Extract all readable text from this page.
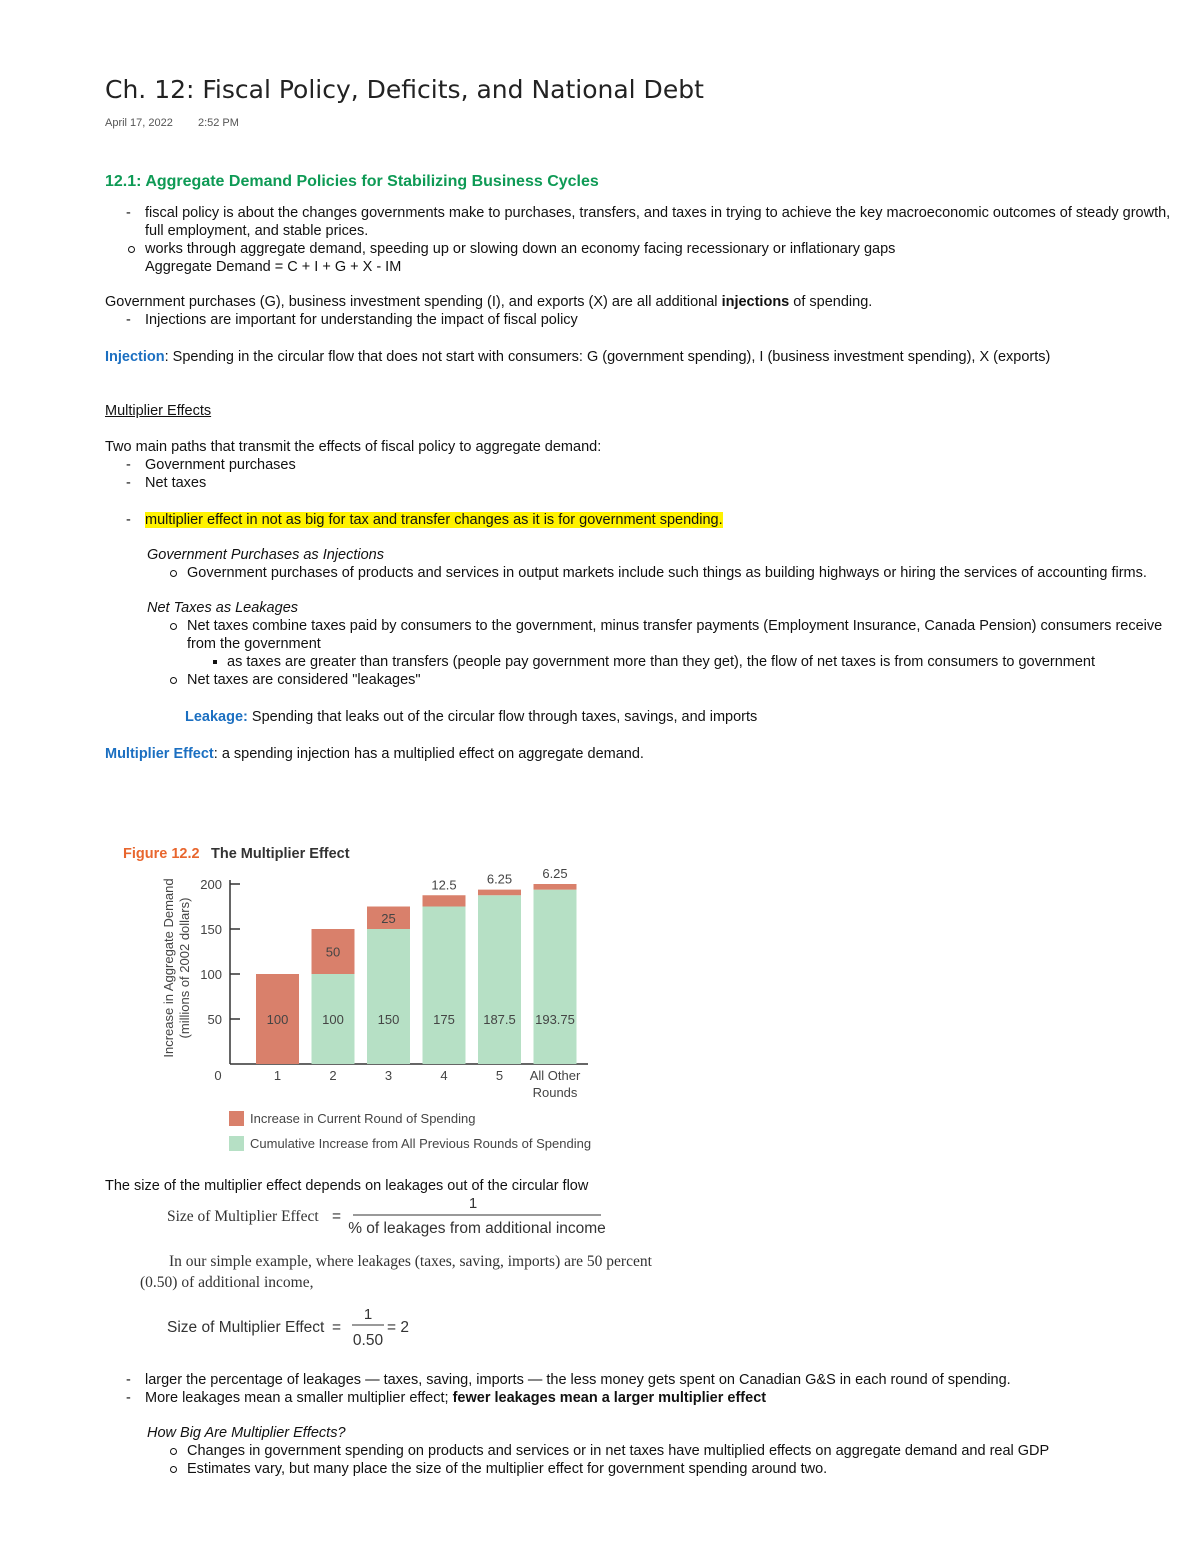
Ch. 12: Fiscal Policy, Deficits, and National Debt
April 17, 2022 2:52 PM
12.1: Aggregate Demand Policies for Stabilizing Business Cycles
- fiscal policy is about the changes governments make to purchases, transfers, and taxes in trying to achieve the key macroeconomic outcomes of steady growth, full employment, and stable prices.
works through aggregate demand, speeding up or slowing down an economy facing recessionary or inflationary gaps
Aggregate Demand = C + I + G + X - IM

Government purchases (G), business investment spending (I), and exports (X) are all additional injections of spending.

- Injections are important for understanding the impact of fiscal policy

Injection: Spending in the circular flow that does not start with consumers: G (government spending), I (business investment spending), X (exports)

Multiplier Effects

Two main paths that transmit the effects of fiscal policy to aggregate demand:

- Government purchases
- Net taxes
- multiplier effect in not as big for tax and transfer changes as it is for government spending.

Government Purchases as Injections

Government purchases of products and services in output markets include such things as building highways or hiring the services of accounting firms.

Net Taxes as Leakages

Net taxes combine taxes paid by consumers to the government, minus transfer payments (Employment Insurance, Canada Pension) consumers receive from the government
as taxes are greater than transfers (people pay government more than they get), the flow of net taxes is from consumers to government
Net taxes are considered "leakages"

Leakage: Spending that leaks out of the circular flow through taxes, savings, and imports

Multiplier Effect: a spending injection has a multiplied effect on aggregate demand.

Figure 12.2 The Multiplier Effect
50
100
150
200
0
Increase in Aggregate Demand (millions of 2002 dollars)	100
1
100
50
2
150
25
3
175
12.5
4
187.5
6.25
5
193.75
6.25
All Other Rounds
Increase in Current Round of Spending
Cumulative Increase from All Previous Rounds of Spending

The size of the multiplier effect depends on leakages out of the circular flow

Size of Multiplier Effect =
1
% of leakages from additional income
In our simple example, where leakages (taxes, saving, imports) are 50 percent
(0.50) of additional income,
Size of Multiplier Effect =
1
0.50
= 2
- larger the percentage of leakages — taxes, saving, imports — the less money gets spent on Canadian G&S in each round of spending.
- More leakages mean a smaller multiplier effect; fewer leakages mean a larger multiplier effect

How Big Are Multiplier Effects?

Changes in government spending on products and services or in net taxes have multiplied effects on aggregate demand and real GDP
Estimates vary, but many place the size of the multiplier effect for government spending around two.
